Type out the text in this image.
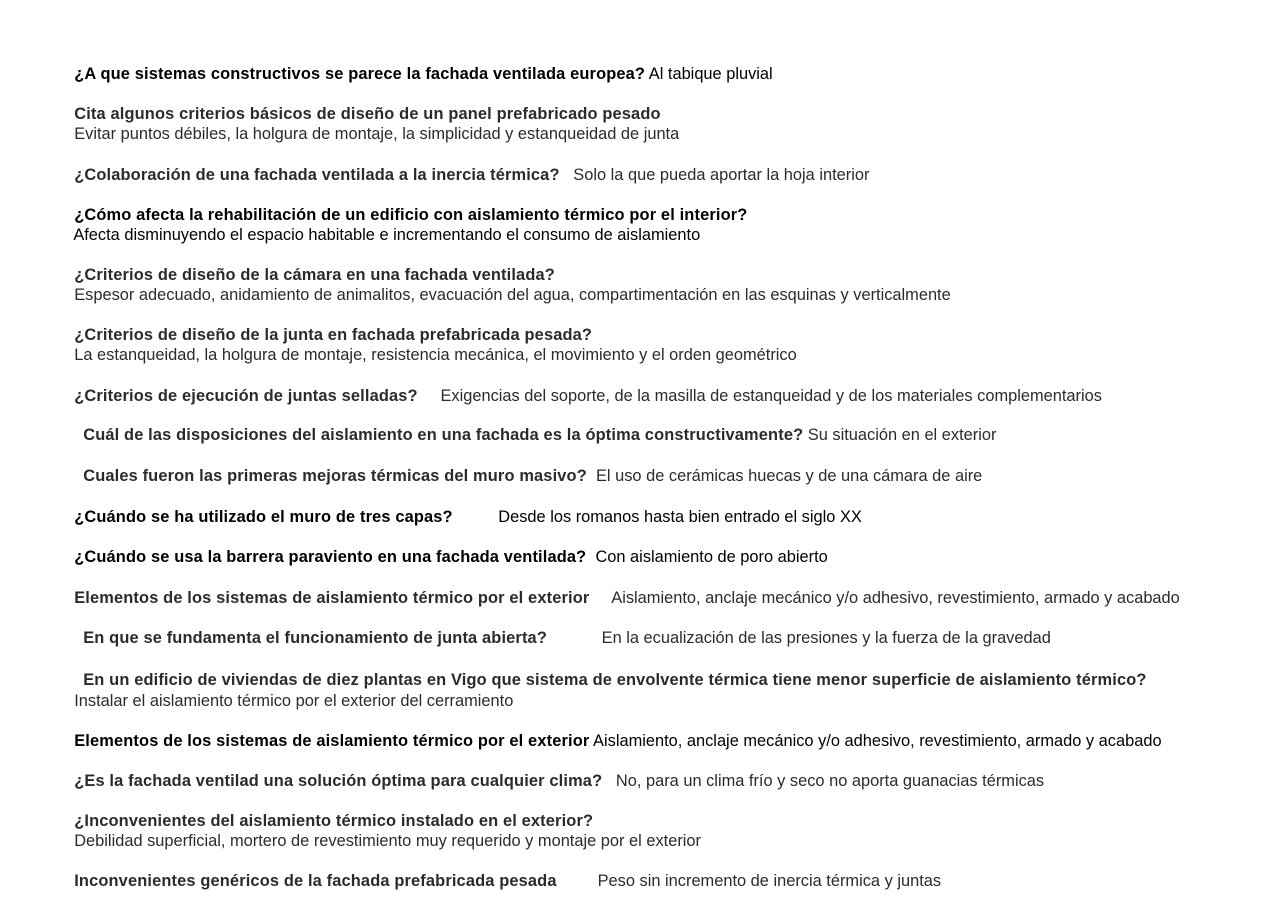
¿A que sistemas constructivos se parece la fachada ventilada europea? Al tabique pluvial

Cita algunos criterios básicos de diseño de un panel prefabricado pesado

Evitar puntos débiles, la holgura de montaje, la simplicidad y estanqueidad de junta

¿Colaboración de una fachada ventilada a la inercia térmica? Solo la que pueda aportar la hoja interior

¿Cómo afecta la rehabilitación de un edificio con aislamiento térmico por el interior?

Afecta disminuyendo el espacio habitable e incrementando el consumo de aislamiento

¿Criterios de diseño de la cámara en una fachada ventilada?

Espesor adecuado, anidamiento de animalitos, evacuación del agua, compartimentación en las esquinas y verticalmente

¿Criterios de diseño de la junta en fachada prefabricada pesada?

La estanqueidad, la holgura de montaje, resistencia mecánica, el movimiento y el orden geométrico

¿Criterios de ejecución de juntas selladas? Exigencias del soporte, de la masilla de estanqueidad y de los materiales complementarios

Cuál de las disposiciones del aislamiento en una fachada es la óptima constructivamente? Su situación en el exterior

Cuales fueron las primeras mejoras térmicas del muro masivo? El uso de cerámicas huecas y de una cámara de aire

¿Cuándo se ha utilizado el muro de tres capas?	Desde los romanos hasta bien entrado el siglo XX

¿Cuándo se usa la barrera paraviento en una fachada ventilada? Con aislamiento de poro abierto

Elementos de los sistemas de aislamiento térmico por el exterior Aislamiento, anclaje mecánico y/o adhesivo, revestimiento, armado y acabado

En que se fundamenta el funcionamiento de junta abierta?	En la ecualización de las presiones y la fuerza de la gravedad

En un edificio de viviendas de diez plantas en Vigo que sistema de envolvente térmica tiene menor superficie de aislamiento térmico?

Instalar el aislamiento térmico por el exterior del cerramiento

Elementos de los sistemas de aislamiento térmico por el exterior Aislamiento, anclaje mecánico y/o adhesivo, revestimiento, armado y acabado

¿Es la fachada ventilad una solución óptima para cualquier clima? No, para un clima frío y seco no aporta guanacias térmicas

¿Inconvenientes del aislamiento térmico instalado en el exterior?

Debilidad superficial, mortero de revestimiento muy requerido y montaje por el exterior

Inconvenientes genéricos de la fachada prefabricada pesada	Peso sin incremento de inercia térmica y juntas
